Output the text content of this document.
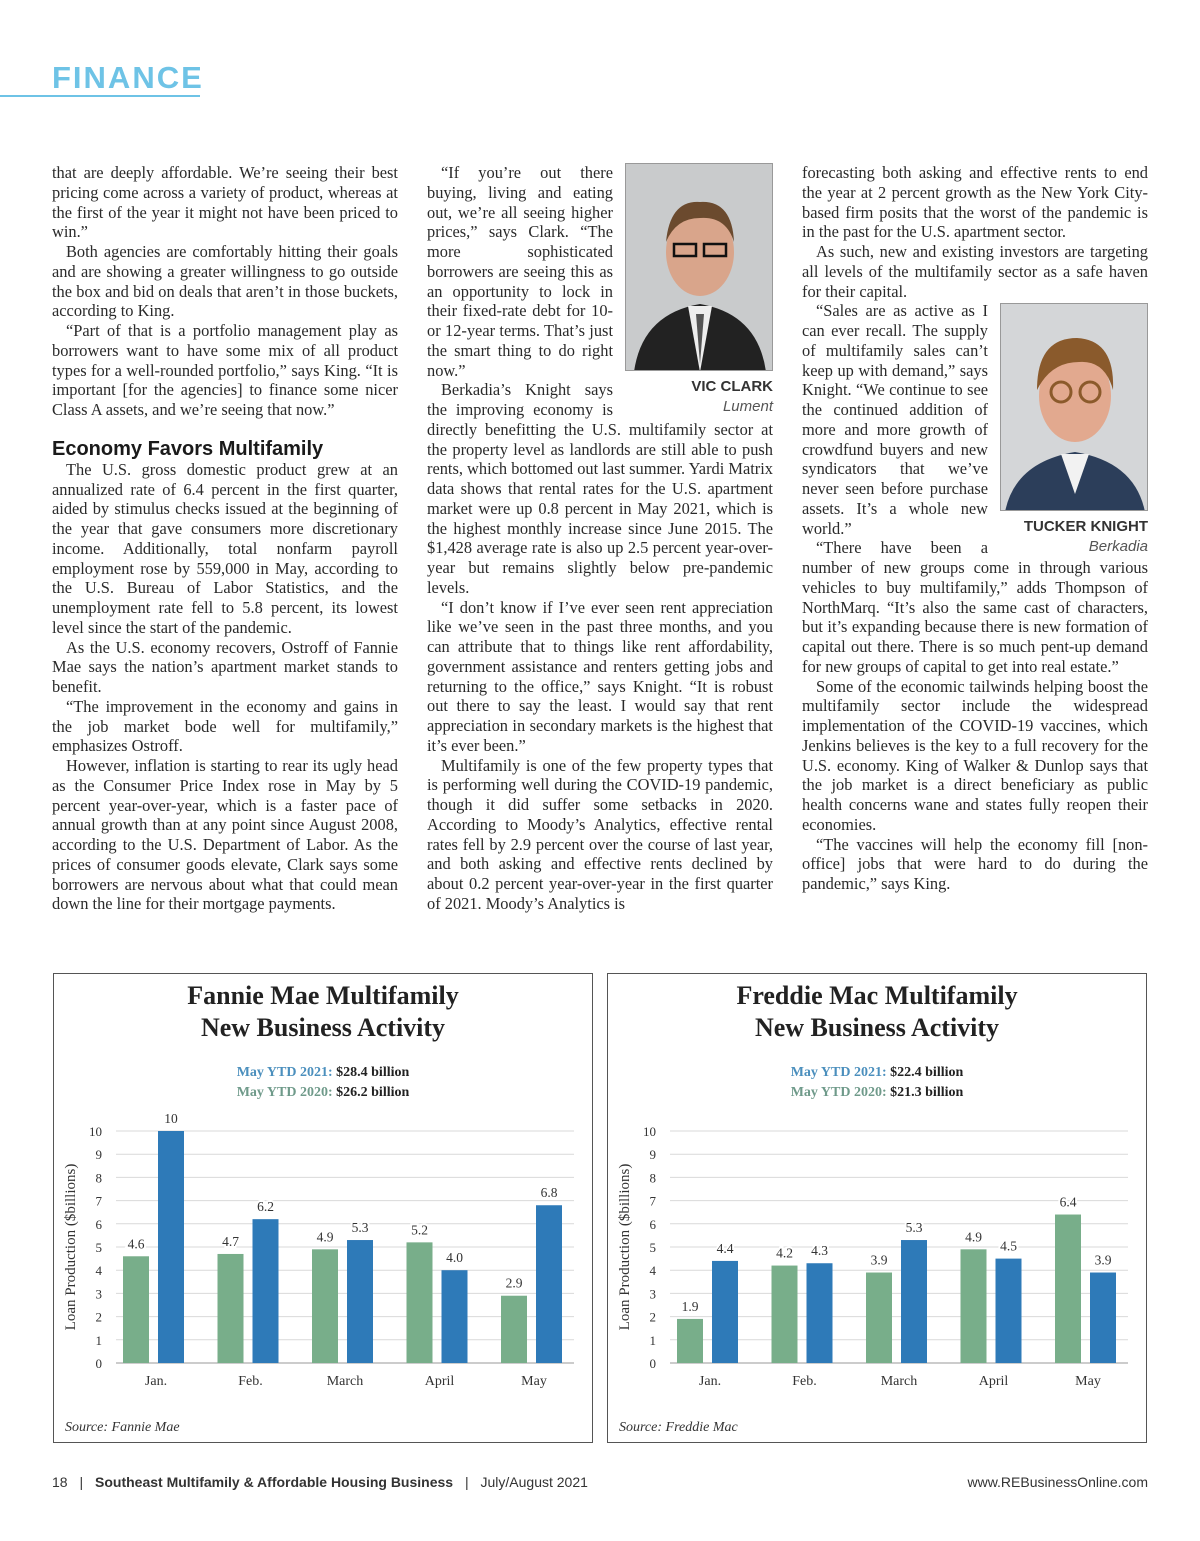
FINANCE

that are deeply affordable. We’re seeing their best pricing come across a variety of product, whereas at the first of the year it might not have been priced to win.”

Both agencies are comfortably hitting their goals and are showing a greater willingness to go outside the box and bid on deals that aren’t in those buckets, according to King.

“Part of that is a portfolio management play as borrowers want to have some mix of all product types for a well-rounded portfolio,” says King. “It is important [for the agencies] to finance some nicer Class A assets, and we’re seeing that now.”

Economy Favors Multifamily

The U.S. gross domestic product grew at an annualized rate of 6.4 percent in the first quarter, aided by stimulus checks issued at the beginning of the year that gave consumers more discretionary income. Additionally, total nonfarm payroll employment rose by 559,000 in May, according to the U.S. Bureau of Labor Statistics, and the unemployment rate fell to 5.8 percent, its lowest level since the start of the pandemic.

As the U.S. economy recovers, Ostroff of Fannie Mae says the nation’s apartment market stands to benefit.

“The improvement in the economy and gains in the job market bode well for multifamily,” emphasizes Ostroff.

However, inflation is starting to rear its ugly head as the Consumer Price Index rose in May by 5 percent year-over-year, which is a faster pace of annual growth than at any point since August 2008, according to the U.S. Department of Labor. As the prices of consumer goods elevate, Clark says some borrowers are nervous about what that could mean down the line for their mortgage payments.

VIC CLARK
Lument

“If you’re out there buying, living and eating out, we’re all seeing higher prices,” says Clark. “The more sophisticated borrowers are seeing this as an opportunity to lock in their fixed-rate debt for 10- or 12-year terms. That’s just the smart thing to do right now.”

Berkadia’s Knight says the improving economy is directly benefitting the U.S. multifamily sector at the property level as landlords are still able to push rents, which bottomed out last summer. Yardi Matrix data shows that rental rates for the U.S. apartment market were up 0.8 percent in May 2021, which is the highest monthly increase since June 2015. The $1,428 average rate is also up 2.5 percent year-over-year but remains slightly below pre-pandemic levels.

“I don’t know if I’ve ever seen rent appreciation like we’ve seen in the past three months, and you can attribute that to things like rent affordability, government assistance and renters getting jobs and returning to the office,” says Knight. “It is robust out there to say the least. I would say that rent appreciation in secondary markets is the highest that it’s ever been.”

Multifamily is one of the few property types that is performing well during the COVID-19 pandemic, though it did suffer some setbacks in 2020. According to Moody’s Analytics, effective rental rates fell by 2.9 percent over the course of last year, and both asking and effective rents declined by about 0.2 percent year-over-year in the first quarter of 2021. Moody’s Analytics is

forecasting both asking and effective rents to end the year at 2 percent growth as the New York City-based firm posits that the worst of the pandemic is in the past for the U.S. apartment sector.

As such, new and existing investors are targeting all levels of the multifamily sector as a safe haven for their capital.

TUCKER KNIGHT
Berkadia

“Sales are as active as I can ever recall. The supply of multifamily sales can’t keep up with demand,” says Knight. “We continue to see the continued addition of more and more growth of crowdfund buyers and new syndicators that we’ve never seen before purchase assets. It’s a whole new world.”

“There have been a number of new groups come in through various vehicles to buy multifamily,” adds Thompson of NorthMarq. “It’s also the same cast of characters, but it’s expanding because there is new formation of capital out there. There is so much pent-up demand for new groups of capital to get into real estate.”

Some of the economic tailwinds helping boost the multifamily sector include the widespread implementation of the COVID-19 vaccines, which Jenkins believes is the key to a full recovery for the U.S. economy. King of Walker & Dunlop says that the job market is a direct beneficiary as public health concerns wane and states fully reopen their economies.

“The vaccines will help the economy fill [non-office] jobs that were hard to do during the pandemic,” says King.

0
1
2
3
4
5
6
7
8
9
10
Loan Production ($billions)
Jan.
4.6
10
Feb.
4.7
6.2
March
4.9
5.3
April
5.2
4.0
May
2.9
6.8
Fannie Mae Multifamily
New Business Activity
May YTD 2021: $28.4 billion
May YTD 2020: $26.2 billion
Source: Fannie Mae
0
1
2
3
4
5
6
7
8
9
10
Loan Production ($billions)
Jan.
1.9
4.4
Feb.
4.2 4.3
March
3.9
5.3
April
4.9
4.5
May
6.4
3.9
Freddie Mac Multifamily
New Business Activity
May YTD 2021: $22.4 billion
May YTD 2020: $21.3 billion
Source: Freddie Mac
18 | Southeast Multifamily & Affordable Housing Business | July/August 2021	www.REBusinessOnline.com
